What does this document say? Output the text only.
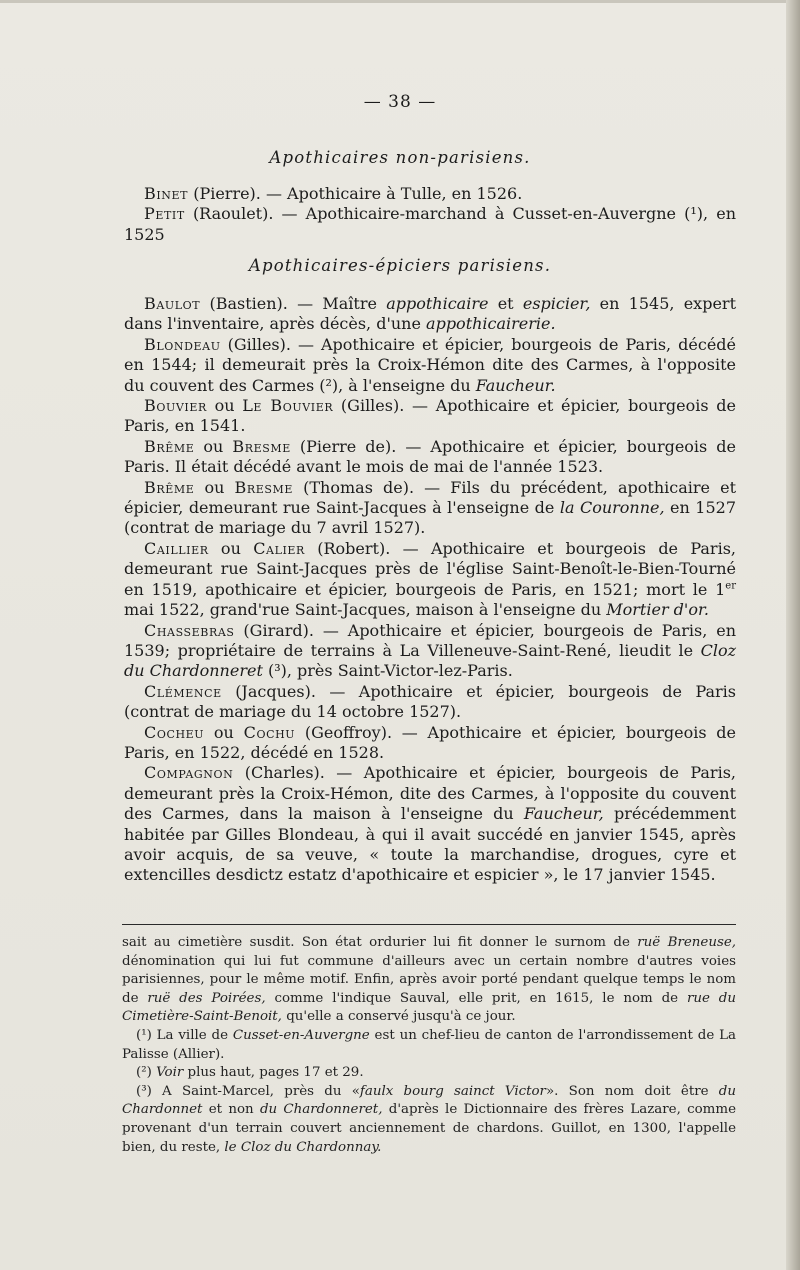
— 38 —

Apothicaires non-parisiens.

Binet (Pierre). — Apothicaire à Tulle, en 1526.

Petit (Raoulet). — Apothicaire-marchand à Cusset-en-Auvergne (¹), en 1525

Apothicaires-épiciers parisiens.

Baulot (Bastien). — Maître appothicaire et espicier, en 1545, expert dans l'inventaire, après décès, d'une appothicairerie.

Blondeau (Gilles). — Apothicaire et épicier, bourgeois de Paris, décédé en 1544; il demeurait près la Croix-Hémon dite des Carmes, à l'opposite du couvent des Carmes (²), à l'enseigne du Faucheur.

Bouvier ou Le Bouvier (Gilles). — Apothicaire et épicier, bourgeois de Paris, en 1541.

Brême ou Bresme (Pierre de). — Apothicaire et épicier, bourgeois de Paris. Il était décédé avant le mois de mai de l'année 1523.

Brême ou Bresme (Thomas de). — Fils du précédent, apothicaire et épicier, demeurant rue Saint-Jacques à l'enseigne de la Couronne, en 1527 (contrat de mariage du 7 avril 1527).

Caillier ou Calier (Robert). — Apothicaire et bourgeois de Paris, demeurant rue Saint-Jacques près de l'église Saint-Benoît-le-Bien-Tourné en 1519, apothicaire et épicier, bourgeois de Paris, en 1521; mort le 1er mai 1522, grand'rue Saint-Jacques, maison à l'enseigne du Mortier d'or.

Chassebras (Girard). — Apothicaire et épicier, bourgeois de Paris, en 1539; propriétaire de terrains à La Villeneuve-Saint-René, lieudit le Cloz du Chardonneret (³), près Saint-Victor-lez-Paris.

Clémence (Jacques). — Apothicaire et épicier, bourgeois de Paris (contrat de mariage du 14 octobre 1527).

Cocheu ou Cochu (Geoffroy). — Apothicaire et épicier, bourgeois de Paris, en 1522, décédé en 1528.

Compagnon (Charles). — Apothicaire et épicier, bourgeois de Paris, demeurant près la Croix-Hémon, dite des Carmes, à l'opposite du couvent des Carmes, dans la maison à l'enseigne du Faucheur, précédemment habitée par Gilles Blondeau, à qui il avait succédé en janvier 1545, après avoir acquis, de sa veuve, « toute la marchandise, drogues, cyre et extencilles desdictz estatz d'apothicaire et espicier », le 17 janvier 1545.

sait au cimetière susdit. Son état ordurier lui fit donner le surnom de ruë Breneuse, dénomination qui lui fut commune d'ailleurs avec un certain nombre d'autres voies parisiennes, pour le même motif. Enfin, après avoir porté pendant quelque temps le nom de ruë des Poirées, comme l'indique Sauval, elle prit, en 1615, le nom de rue du Cimetière-Saint-Benoit, qu'elle a conservé jusqu'à ce jour.

(¹) La ville de Cusset-en-Auvergne est un chef-lieu de canton de l'arrondissement de La Palisse (Allier).

(²) Voir plus haut, pages 17 et 29.

(³) A Saint-Marcel, près du «faulx bourg sainct Victor». Son nom doit être du Chardonnet et non du Chardonneret, d'après le Dictionnaire des frères Lazare, comme provenant d'un terrain couvert anciennement de chardons. Guillot, en 1300, l'appelle bien, du reste, le Cloz du Chardonnay.
